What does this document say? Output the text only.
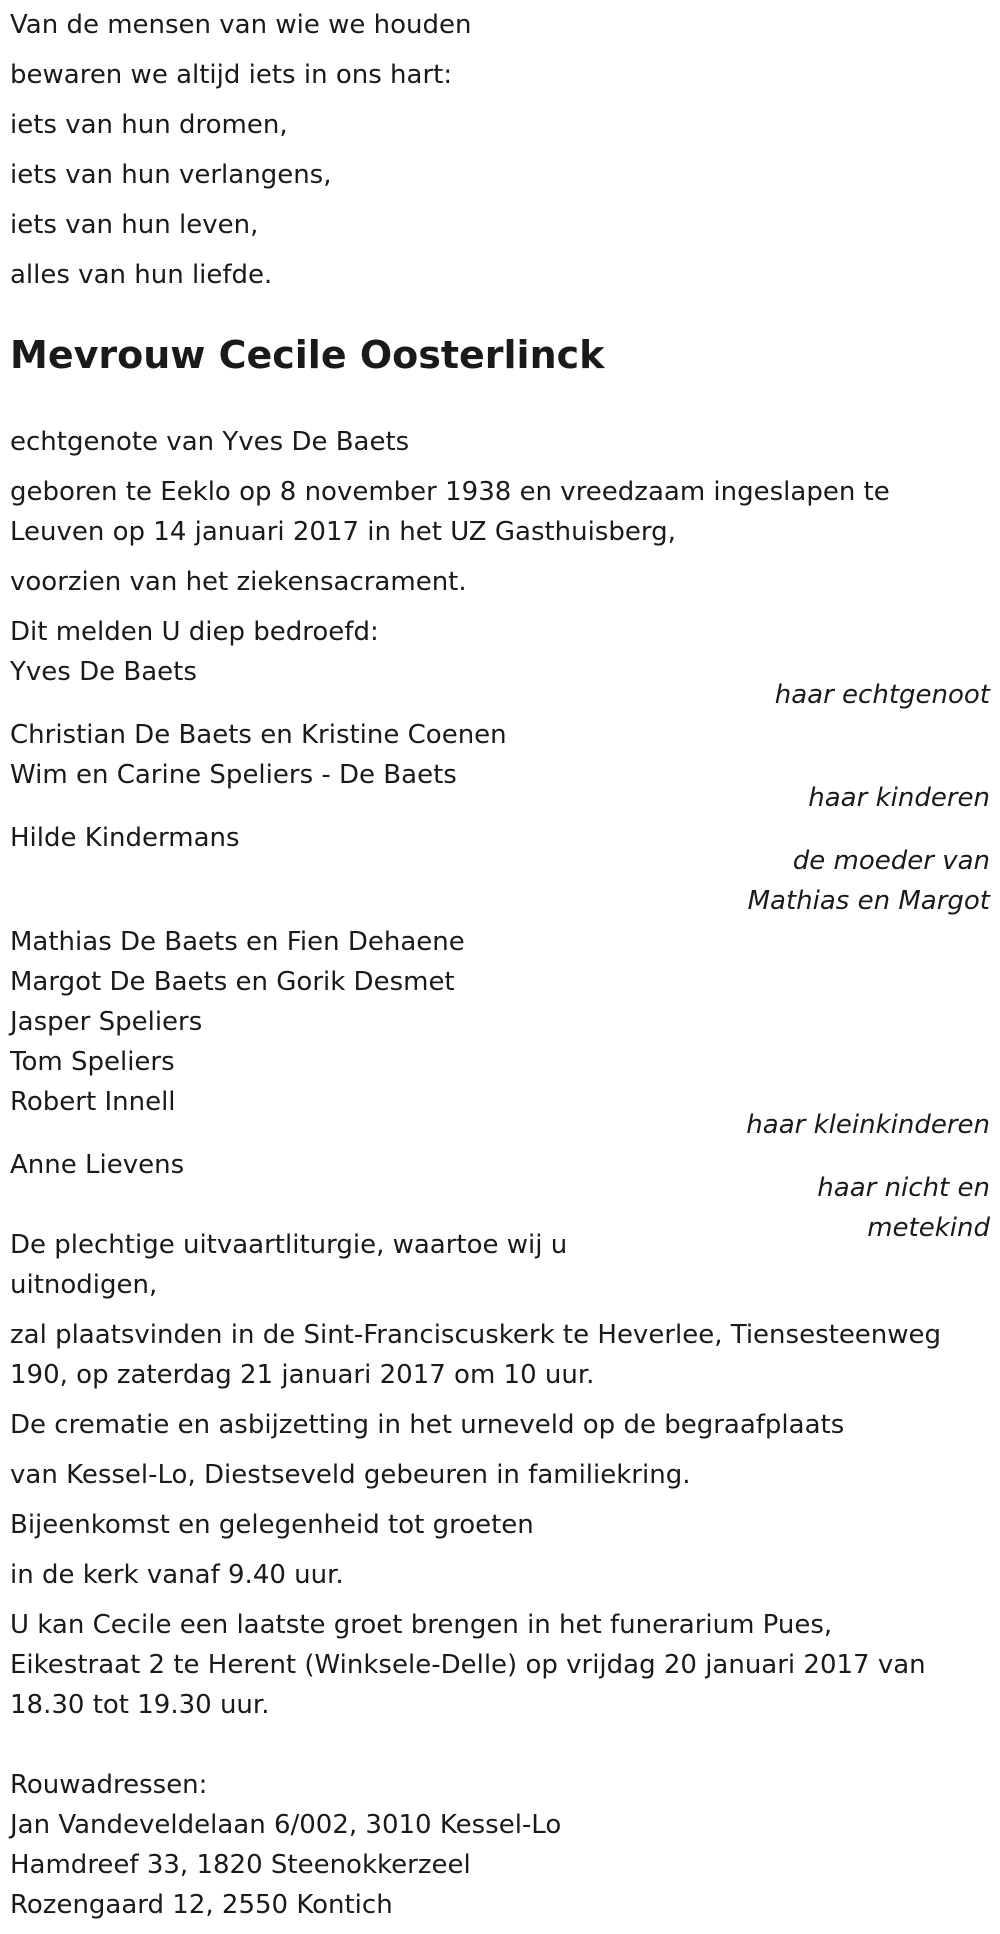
Van de mensen van wie we houden
bewaren we altijd iets in ons hart:
iets van hun dromen,
iets van hun verlangens,
iets van hun leven,
alles van hun liefde.
Mevrouw Cecile Oosterlinck
echtgenote van Yves De Baets
geboren te Eeklo op 8 november 1938 en vreedzaam ingeslapen te
Leuven op 14 januari 2017 in het UZ Gasthuisberg,
voorzien van het ziekensacrament.
Dit melden U diep bedroefd:
Yves De Baets
haar echtgenoot
Christian De Baets en Kristine Coenen
Wim en Carine Speliers - De Baets
haar kinderen
Hilde Kindermans
de moeder van
Mathias en Margot
Mathias De Baets en Fien Dehaene
Margot De Baets en Gorik Desmet
Jasper Speliers
Tom Speliers
Robert Innell
haar kleinkinderen
Anne Lievens
haar nicht en
metekind
De plechtige uitvaartliturgie, waartoe wij u
uitnodigen,
zal plaatsvinden in de Sint-Franciscuskerk te Heverlee, Tiensesteenweg
190, op zaterdag 21 januari 2017 om 10 uur.
De crematie en asbijzetting in het urneveld op de begraafplaats
van Kessel-Lo, Diestseveld gebeuren in familiekring.
Bijeenkomst en gelegenheid tot groeten
in de kerk vanaf 9.40 uur.
U kan Cecile een laatste groet brengen in het funerarium Pues,
Eikestraat 2 te Herent (Winksele-Delle) op vrijdag 20 januari 2017 van
18.30 tot 19.30 uur.
Rouwadressen:
Jan Vandeveldelaan 6/002, 3010 Kessel-Lo
Hamdreef 33, 1820 Steenokkerzeel
Rozengaard 12, 2550 Kontich
